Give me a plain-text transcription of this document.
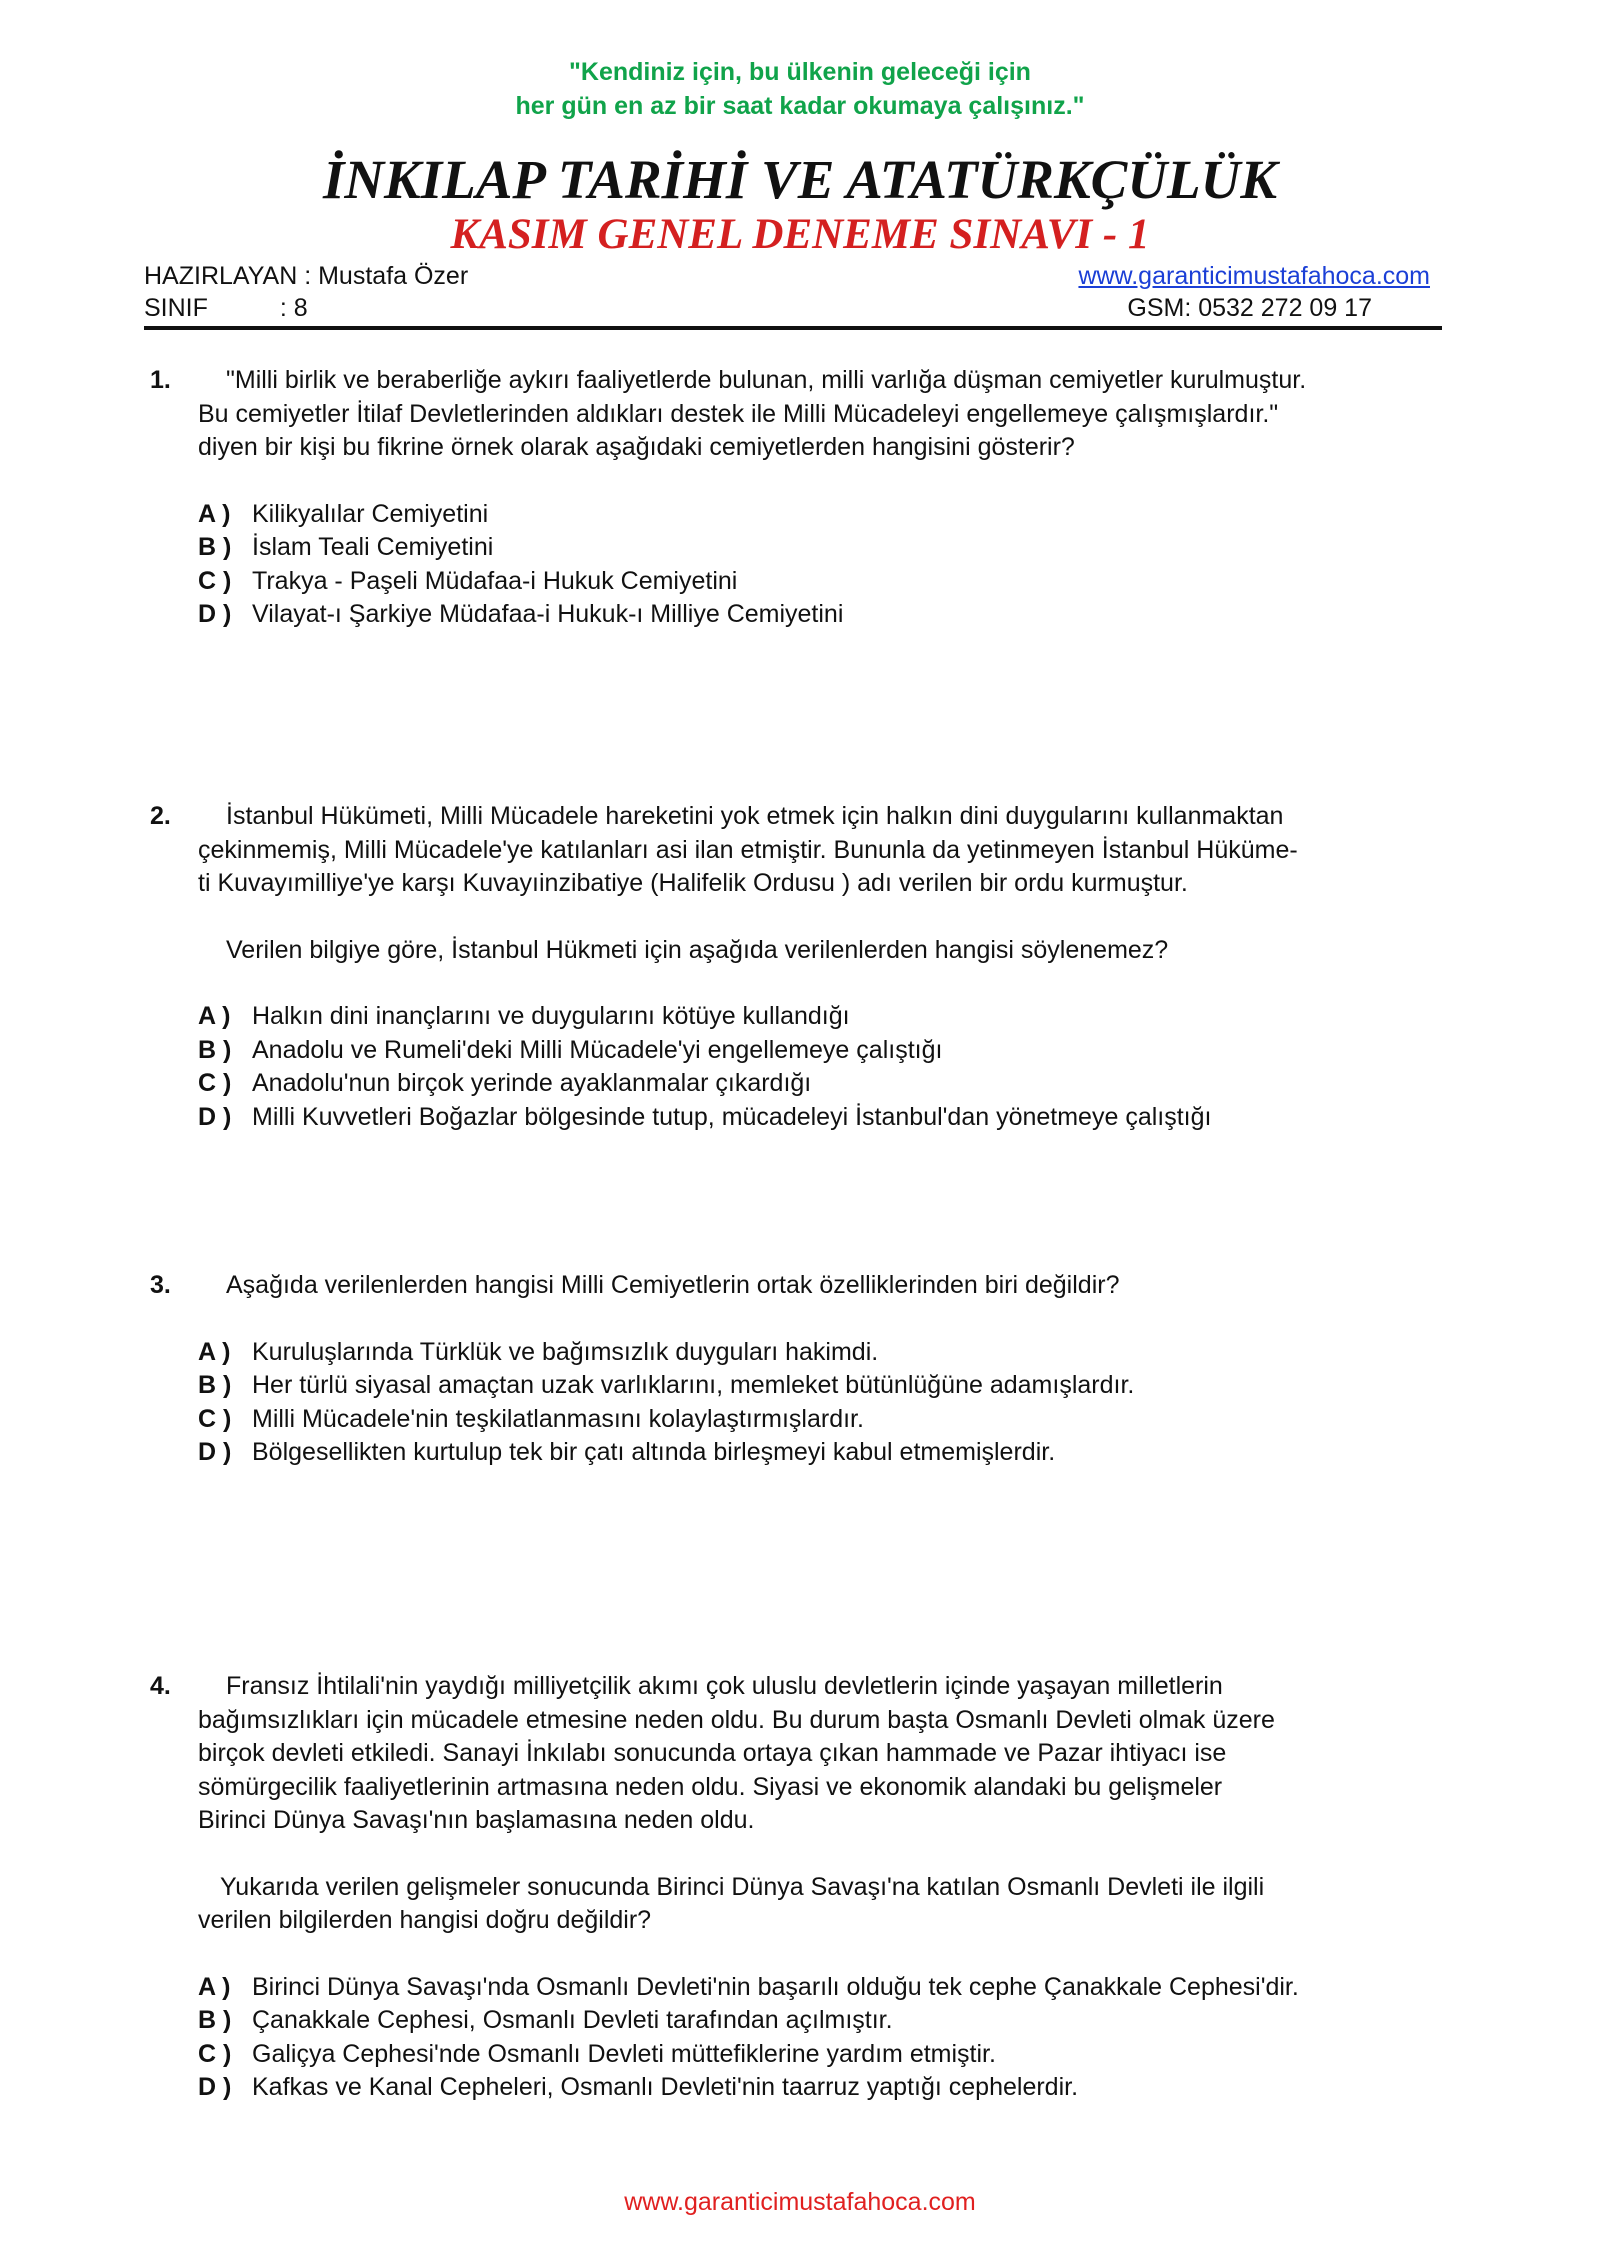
"Kendiniz için, bu ülkenin geleceği için
her gün en az bir saat kadar okumaya çalışınız."
İNKILAP TARİHİ VE ATATÜRKÇÜLÜK
KASIM GENEL DENEME SINAVI - 1
HAZIRLAYAN : Mustafa Özer
SINIF	: 8
www.garanticimustafahoca.com
GSM: 0532 272 09 17
1.	"Milli birlik ve beraberliğe aykırı faaliyetlerde bulunan, milli varlığa düşman cemiyetler kurulmuştur.

Bu cemiyetler İtilaf Devletlerinden aldıkları destek ile Milli Mücadeleyi engellemeye çalışmışlardır."

diyen bir kişi bu fikrine örnek olarak aşağıdaki cemiyetlerden hangisini gösterir?

A ) Kilikyalılar Cemiyetini
B ) İslam Teali Cemiyetini
C ) Trakya - Paşeli Müdafaa-i Hukuk Cemiyetini
D ) Vilayat-ı Şarkiye Müdafaa-i Hukuk-ı Milliye Cemiyetini
2.	İstanbul Hükümeti, Milli Mücadele hareketini yok etmek için halkın dini duygularını kullanmaktan

çekinmemiş, Milli Mücadele'ye katılanları asi ilan etmiştir. Bununla da yetinmeyen İstanbul Hüküme-

ti Kuvayımilliye'ye karşı Kuvayıinzibatiye (Halifelik Ordusu ) adı verilen bir ordu kurmuştur.

Verilen bilgiye göre, İstanbul Hükmeti için aşağıda verilenlerden hangisi söylenemez?

A ) Halkın dini inançlarını ve duygularını kötüye kullandığı
B ) Anadolu ve Rumeli'deki Milli Mücadele'yi engellemeye çalıştığı
C ) Anadolu'nun birçok yerinde ayaklanmalar çıkardığı
D ) Milli Kuvvetleri Boğazlar bölgesinde tutup, mücadeleyi İstanbul'dan yönetmeye çalıştığı
3.	Aşağıda verilenlerden hangisi Milli Cemiyetlerin ortak özelliklerinden biri değildir?

A ) Kuruluşlarında Türklük ve bağımsızlık duyguları hakimdi.
B ) Her türlü siyasal amaçtan uzak varlıklarını, memleket bütünlüğüne adamışlardır.
C ) Milli Mücadele'nin teşkilatlanmasını kolaylaştırmışlardır.
D ) Bölgesellikten kurtulup tek bir çatı altında birleşmeyi kabul etmemişlerdir.
4.	Fransız İhtilali'nin yaydığı milliyetçilik akımı çok uluslu devletlerin içinde yaşayan milletlerin

bağımsızlıkları için mücadele etmesine neden oldu. Bu durum başta Osmanlı Devleti olmak üzere

birçok devleti etkiledi. Sanayi İnkılabı sonucunda ortaya çıkan hammade ve Pazar ihtiyacı ise

sömürgecilik faaliyetlerinin artmasına neden oldu. Siyasi ve ekonomik alandaki bu gelişmeler

Birinci Dünya Savaşı'nın başlamasına neden oldu.

Yukarıda verilen gelişmeler sonucunda Birinci Dünya Savaşı'na katılan Osmanlı Devleti ile ilgili

verilen bilgilerden hangisi doğru değildir?

A ) Birinci Dünya Savaşı'nda Osmanlı Devleti'nin başarılı olduğu tek cephe Çanakkale Cephesi'dir.
B ) Çanakkale Cephesi, Osmanlı Devleti tarafından açılmıştır.
C ) Galiçya Cephesi'nde Osmanlı Devleti müttefiklerine yardım etmiştir.
D ) Kafkas ve Kanal Cepheleri, Osmanlı Devleti'nin taarruz yaptığı cephelerdir.
www.garanticimustafahoca.com
